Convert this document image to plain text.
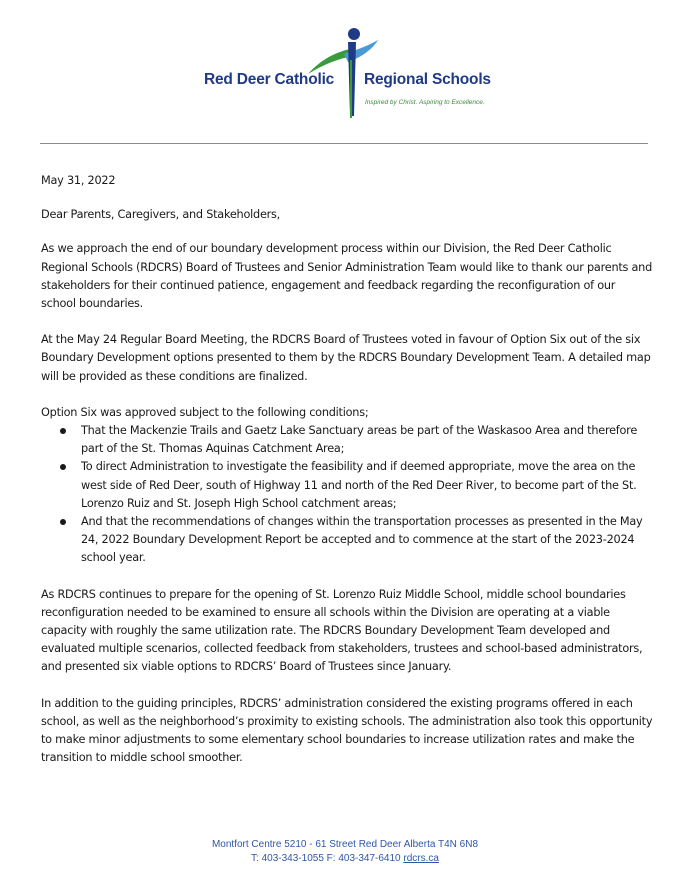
Red Deer Catholic Regional Schools
Inspired by Christ. Aspiring to Excellence.

May 31, 2022

Dear Parents, Caregivers, and Stakeholders,

As we approach the end of our boundary development process within our Division, the Red Deer Catholic Regional Schools (RDCRS) Board of Trustees and Senior Administration Team would like to thank our parents and stakeholders for their continued patience, engagement and feedback regarding the reconfiguration of our school boundaries.

At the May 24 Regular Board Meeting, the RDCRS Board of Trustees voted in favour of Option Six out of the six Boundary Development options presented to them by the RDCRS Boundary Development Team. A detailed map will be provided as these conditions are finalized.

Option Six was approved subject to the following conditions;

That the Mackenzie Trails and Gaetz Lake Sanctuary areas be part of the Waskasoo Area and therefore part of the St. Thomas Aquinas Catchment Area;
To direct Administration to investigate the feasibility and if deemed appropriate, move the area on the west side of Red Deer, south of Highway 11 and north of the Red Deer River, to become part of the St. Lorenzo Ruiz and St. Joseph High School catchment areas;
And that the recommendations of changes within the transportation processes as presented in the May 24, 2022 Boundary Development Report be accepted and to commence at the start of the 2023-2024 school year.

As RDCRS continues to prepare for the opening of St. Lorenzo Ruiz Middle School, middle school boundaries reconfiguration needed to be examined to ensure all schools within the Division are operating at a viable capacity with roughly the same utilization rate. The RDCRS Boundary Development Team developed and evaluated multiple scenarios, collected feedback from stakeholders, trustees and school-based administrators, and presented six viable options to RDCRS’ Board of Trustees since January.

In addition to the guiding principles, RDCRS’ administration considered the existing programs offered in each school, as well as the neighborhood’s proximity to existing schools. The administration also took this opportunity to make minor adjustments to some elementary school boundaries to increase utilization rates and make the transition to middle school smoother.

Montfort Centre 5210 - 61 Street Red Deer Alberta T4N 6N8
T: 403-343-1055 F: 403-347-6410 rdcrs.ca
